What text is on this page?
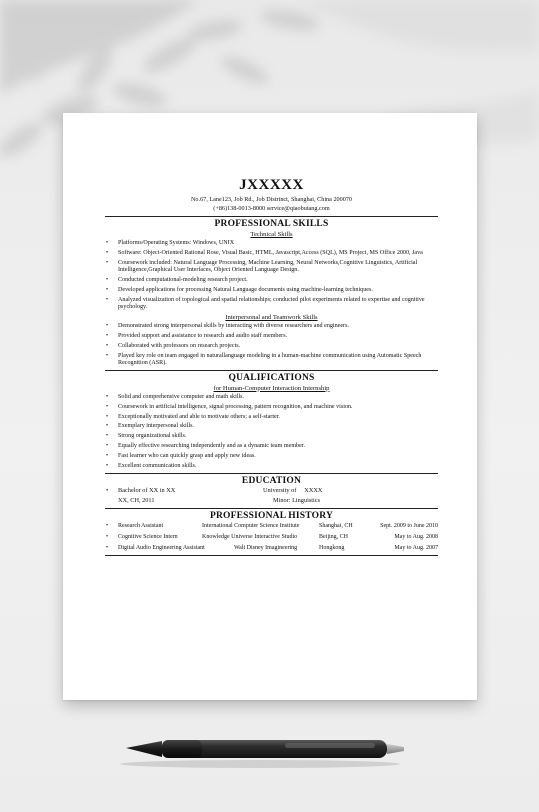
JXXXXX
No.67, Lane123, Job Rd., Job Distrinct, Shanghai, China 200070
(+86)138-0013-8000 service@qiaobutang.com
PROFESSIONAL SKILLS
Technical Skills
• Platforms/Operating Systems: Windows, UNIX
• Software: Object-Oriented Rational Rose, Visual Basic, HTML, Javascript,Access (SQL), MS Project, MS Office 2000, Java
• Coursework included: Natural Language Processing, Machine Learning, Neural Networks,Cognitive Linguistics, Artificial Intelligence,Graphical User Interfaces, Object Oriented Language Design.
• Conducted computational-modeling research project.
• Developed applications for processing Natural Language documents using machine-learning techniques.
• Analyzed visualization of topological and spatial relationships; conducted pilot experiments related to expertise and cognitive psychology.
Interpersonal and Teamwork Skills
• Demonstrated strong interpersonal skills by interacting with diverse researchers and engineers.
• Provided support and assistance to research and audio staff members.
• Collaborated with professors on research projects.
• Played key role on team engaged in naturallanguage modeling in a human-machine communication using Automatic Speech Recognition (ASR).
QUALIFICATIONS
for Human-Computer Interaction Internship
• Solid and comprehensive computer and math skills.
• Coursework in artificial intelligence, signal processing, pattern recognition, and machine vision.
• Exceptionally motivated and able to motivate others; a self-starter.
• Exemplary interpersonal skills.
• Strong organizational skills.
• Equally effective researching independently and as a dynamic team member.
• Fast learner who can quickly grasp and apply new ideas.
• Excellent communication skills.
EDUCATION
• Bachelor of XX in XX	University of     XXXX
XX, CH, 2011	Minor: Linguistics
PROFESSIONAL HISTORY
• Research Assistant	International Computer Science Institute	Shanghai, CH	Sept. 2009 to June 2010
• Cognitive Science Intern	Knowledge Universe Interactive Studio	Beijing, CH	May to Aug. 2008
• Digital Audio Engineering Assistant	Walt Disney Imagineering	Hongkong	May to Aug. 2007
